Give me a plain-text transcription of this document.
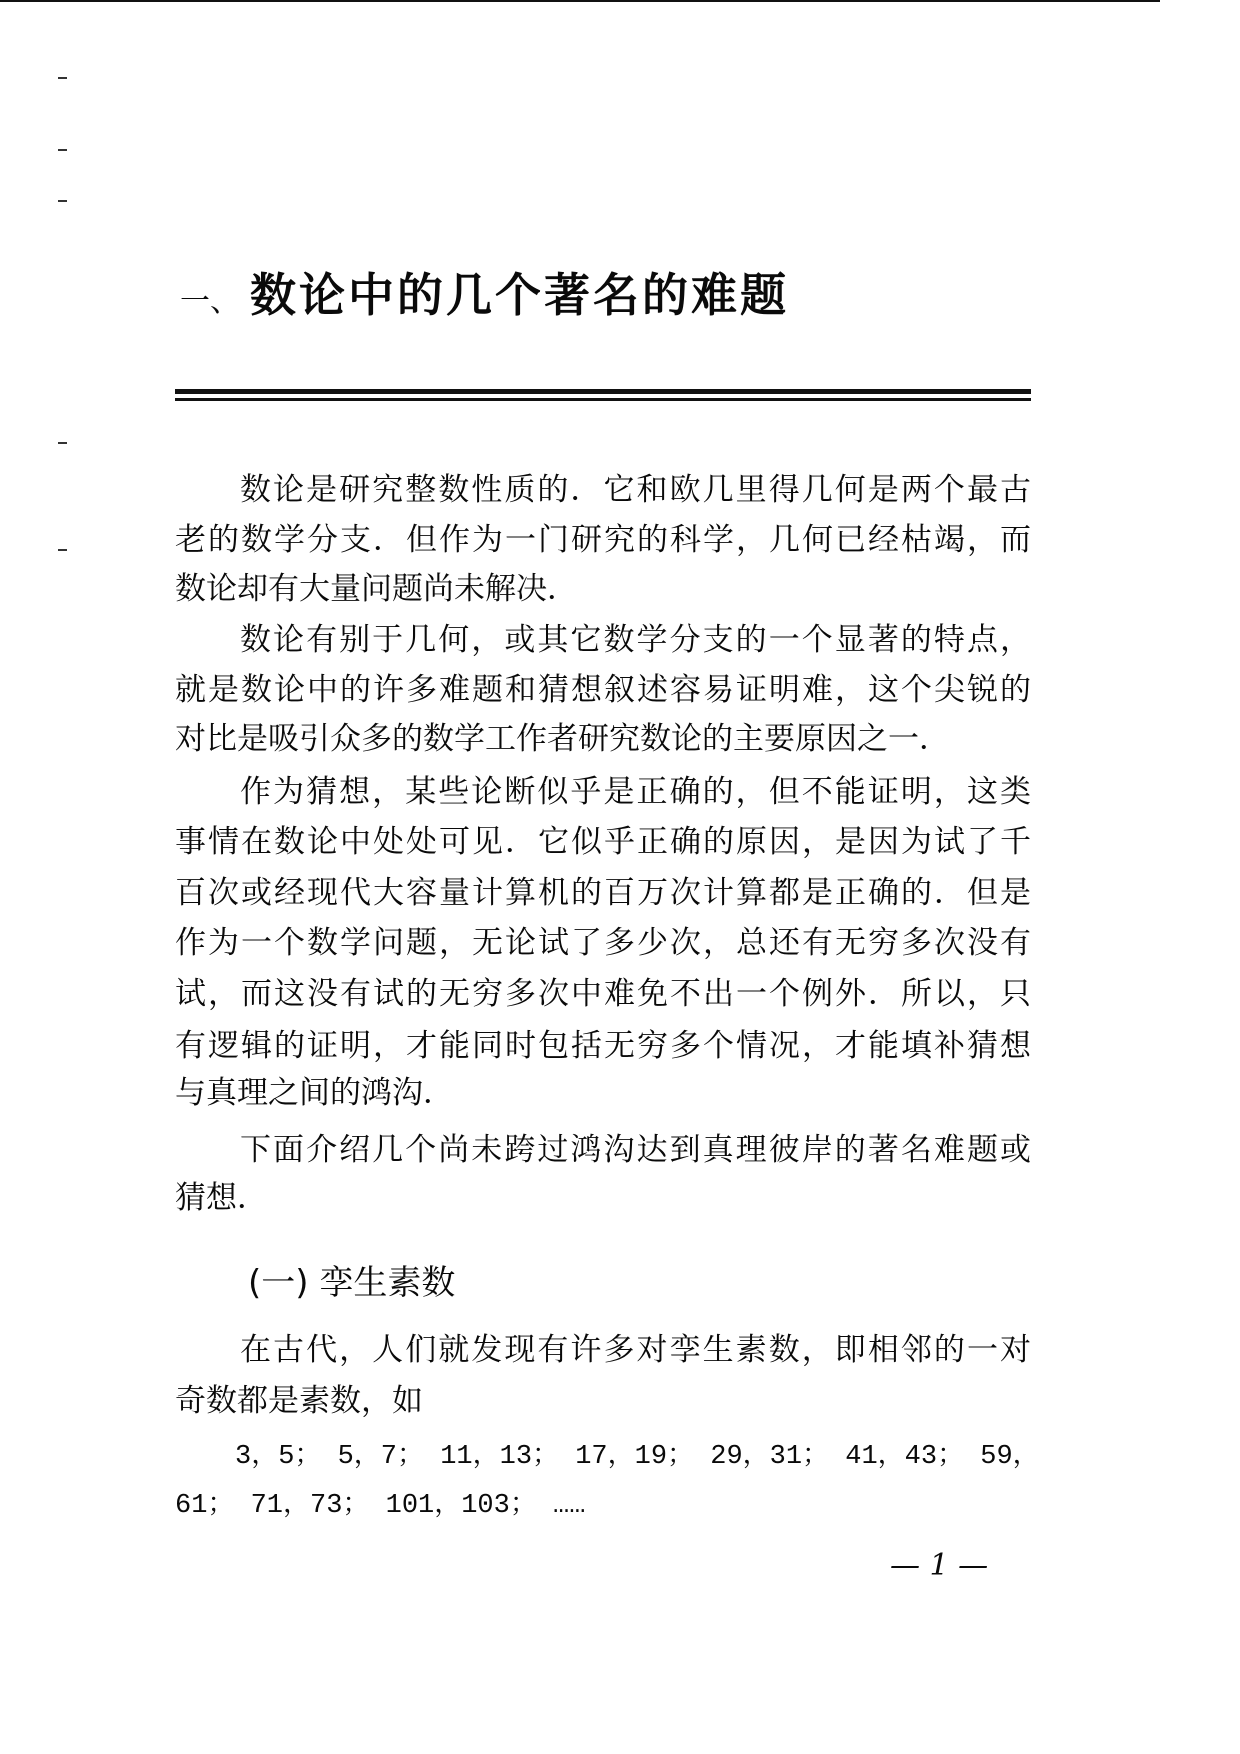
一、 数论中的几个著名的难题
数论是研究整数性质的．它和欧几里得几何是两个最古
老的数学分支．但作为一门研究的科学，几何已经枯竭，而
数论却有大量问题尚未解决．
数论有别于几何，或其它数学分支的一个显著的特点，
就是数论中的许多难题和猜想叙述容易证明难，这个尖锐的
对比是吸引众多的数学工作者研究数论的主要原因之一．
作为猜想，某些论断似乎是正确的，但不能证明，这类
事情在数论中处处可见．它似乎正确的原因，是因为试了千
百次或经现代大容量计算机的百万次计算都是正确的．但是
作为一个数学问题，无论试了多少次，总还有无穷多次没有
试，而这没有试的无穷多次中难免不出一个例外．所以，只
有逻辑的证明，才能同时包括无穷多个情况，才能填补猜想
与真理之间的鸿沟．
下面介绍几个尚未跨过鸿沟达到真理彼岸的著名难题或
猜想．
(一) 孪生素数
在古代，人们就发现有许多对孪生素数，即相邻的一对
奇数都是素数，如
3，5； 5，7； 11，13； 17，19； 29，31； 41，43； 59，
61； 71，73； 101，103； ……
— 1 —
